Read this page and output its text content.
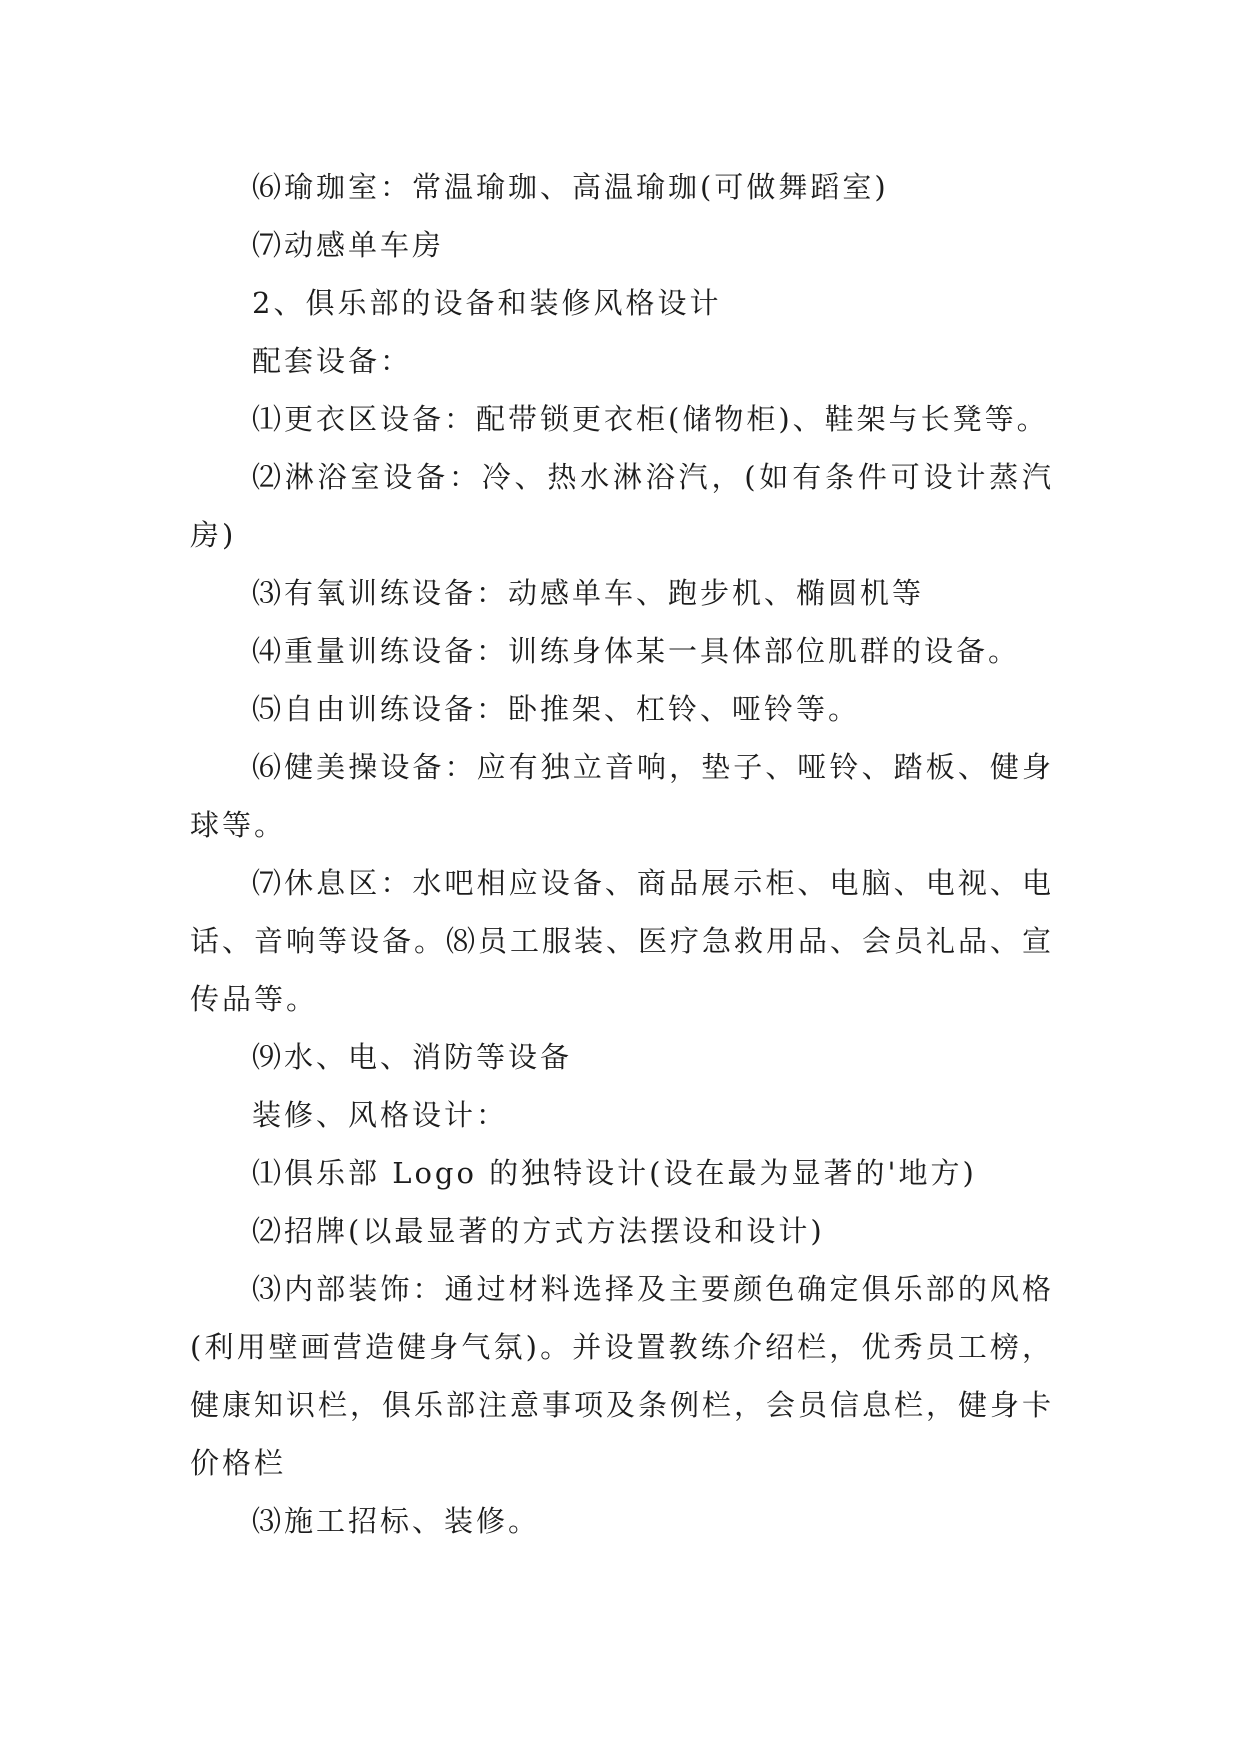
⑹瑜珈室：常温瑜珈、高温瑜珈(可做舞蹈室)

⑺动感单车房

2、俱乐部的设备和装修风格设计

配套设备：

⑴更衣区设备：配带锁更衣柜(储物柜)、鞋架与长凳等。

⑵淋浴室设备：冷、热水淋浴汽，(如有条件可设计蒸汽房)

⑶有氧训练设备：动感单车、跑步机、椭圆机等

⑷重量训练设备：训练身体某一具体部位肌群的设备。

⑸自由训练设备：卧推架、杠铃、哑铃等。

⑹健美操设备：应有独立音响，垫子、哑铃、踏板、健身球等。

⑺休息区：水吧相应设备、商品展示柜、电脑、电视、电话、音响等设备。⑻员工服装、医疗急救用品、会员礼品、宣传品等。

⑼水、电、消防等设备

装修、风格设计：

⑴俱乐部 Logo 的独特设计(设在最为显著的'地方)

⑵招牌(以最显著的方式方法摆设和设计)

⑶内部装饰：通过材料选择及主要颜色确定俱乐部的风格(利用壁画营造健身气氛)。并设置教练介绍栏，优秀员工榜，健康知识栏，俱乐部注意事项及条例栏，会员信息栏，健身卡价格栏

⑶施工招标、装修。
